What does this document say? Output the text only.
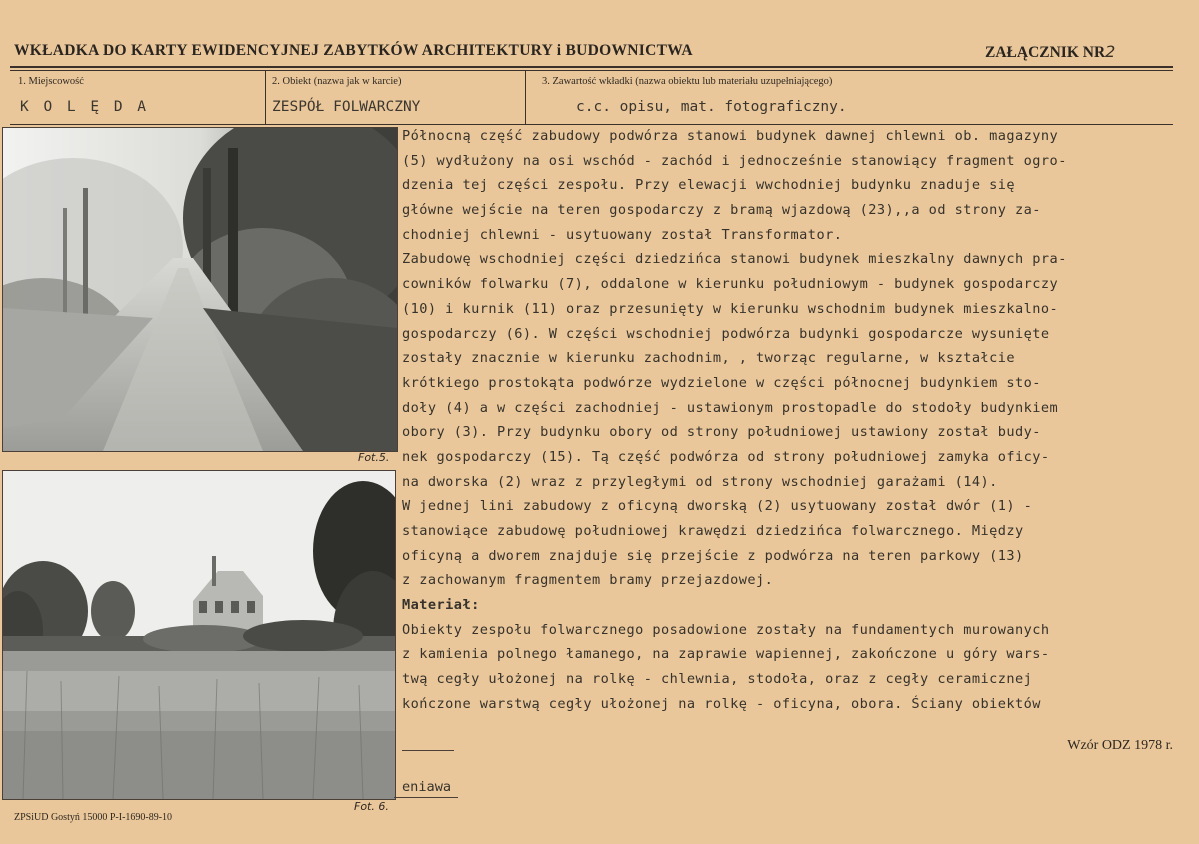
WKŁADKA DO KARTY EWIDENCYJNEJ ZABYTKÓW ARCHITEKTURY i BUDOWNICTWA	ZAŁĄCZNIK NR2
1. Miejscowość
K O L Ę D A
2. Obiekt (nazwa jak w karcie)
ZESPÓŁ FOLWARCZNY
3. Zawartość wkładki (nazwa obiektu lub materiału uzupełniającego)
c.c. opisu, mat. fotograficzny.
Fot.5.
Fot. 6.
Północną część zabudowy podwórza stanowi budynek dawnej chlewni ob. magazyny
(5) wydłużony na osi wschód - zachód i jednocześnie stanowiący fragment ogro-
dzenia tej części zespołu. Przy elewacji wwchodniej budynku znaduje się
główne wejście na teren gospodarczy z bramą wjazdową (23),,a od strony za-
chodniej chlewni - usytuowany został Transformator.
Zabudowę wschodniej części dziedzińca stanowi budynek mieszkalny dawnych pra-
cowników folwarku (7), oddalone w kierunku południowym - budynek gospodarczy
(10) i kurnik (11) oraz przesunięty w kierunku wschodnim budynek mieszkalno-
gospodarczy (6). W części wschodniej podwórza budynki gospodarcze wysunięte
zostały znacznie w kierunku zachodnim, , tworząc regularne, w kształcie
krótkiego prostokąta podwórze wydzielone w części północnej budynkiem sto-
doły (4) a w części zachodniej - ustawionym prostopadle do stodoły budynkiem
obory (3). Przy budynku obory od strony południowej ustawiony został budy-
nek gospodarczy (15). Tą część podwórza od strony południowej zamyka oficy-
na dworska (2) wraz z przyległymi od strony wschodniej garażami (14).
W jednej lini zabudowy z oficyną dworską (2) usytuowany został dwór (1) -
stanowiące zabudowę południowej krawędzi dziedzińca folwarcznego. Między
oficyną a dworem znajduje się przejście z podwórza na teren parkowy (13)
z zachowanym fragmentem bramy przejazdowej.
Materiał:
Obiekty zespołu folwarcznego posadowione zostały na fundamentych murowanych
z kamienia polnego łamanego, na zaprawie wapiennej, zakończone u góry wars-
twą cegły ułożonej na rolkę - chlewnia, stodoła, oraz z cegły ceramicznej
kończone warstwą cegły ułożonej na rolkę - oficyna, obora. Ściany obiektów
Wzór ODZ 1978 r.
eniawa
ZPSiUD Gostyń 15000 P-I-1690-89-10
